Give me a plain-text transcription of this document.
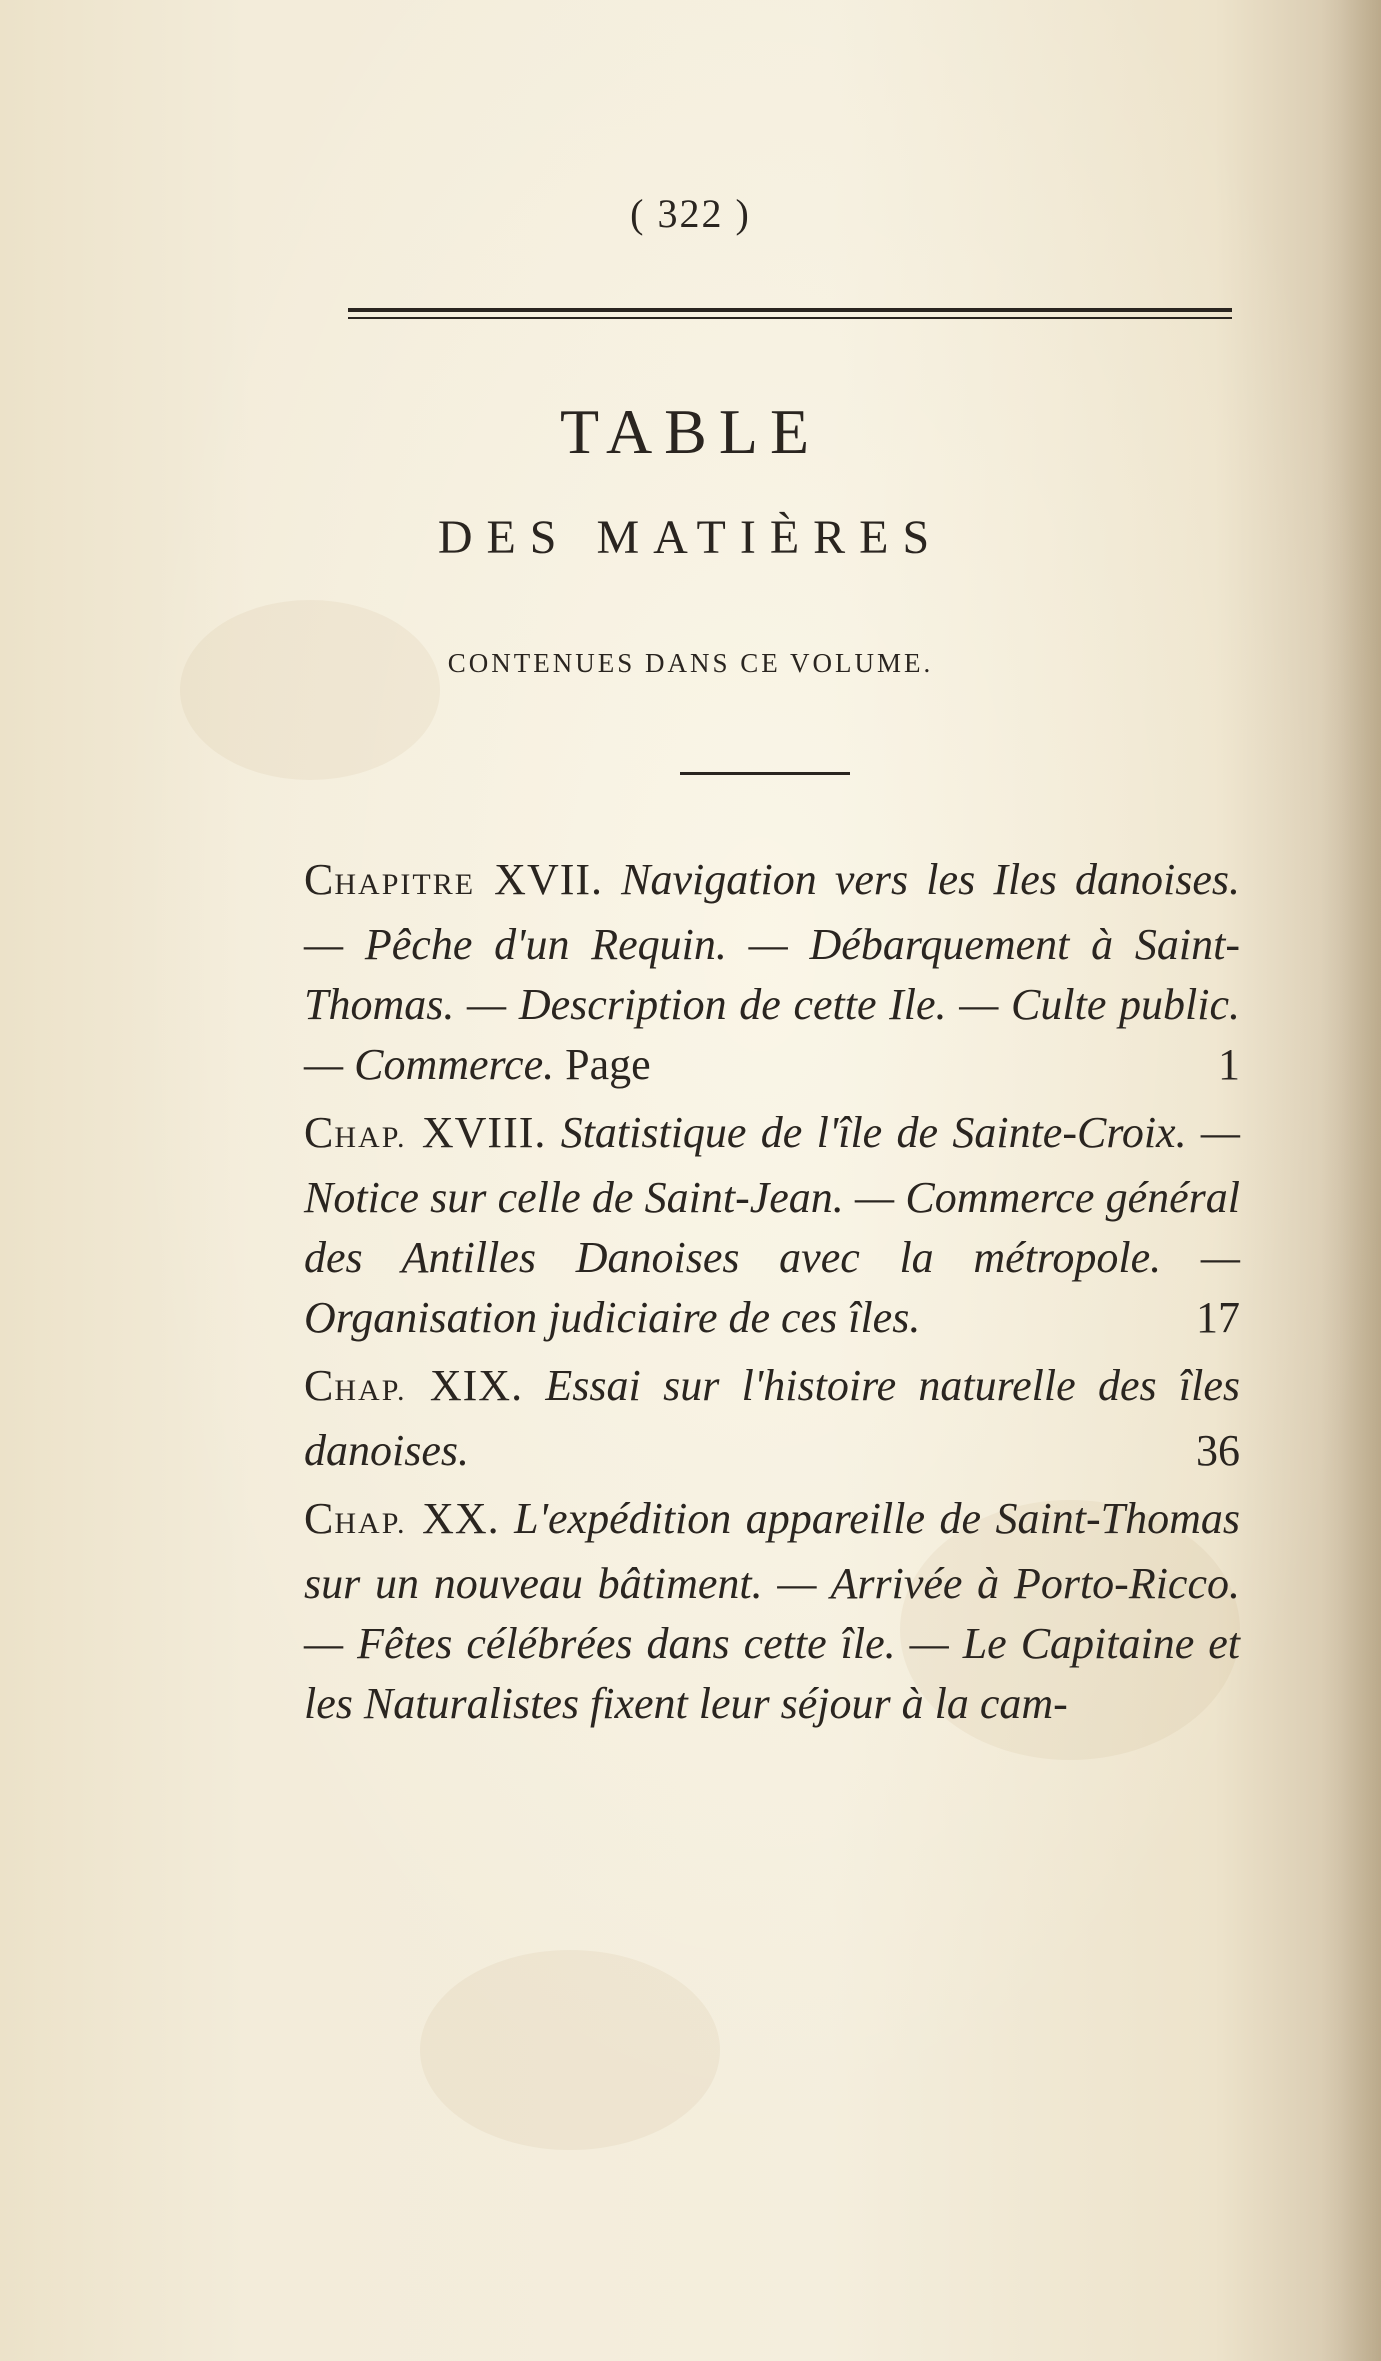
( 322 )
TABLE
DES MATIÈRES
CONTENUES DANS CE VOLUME.
CHAPITRE XVII. Navigation vers les Iles danoises. — Pêche d'un Requin. — Débarquement à Saint-Thomas. — Description de cette Ile. — Culte public. — Commerce. Page	1
CHAP. XVIII. Statistique de l'île de Sainte-Croix. — Notice sur celle de Saint-Jean. — Commerce général des Antilles Danoises avec la métropole. — Organisation judiciaire de ces îles.	17
CHAP. XIX. Essai sur l'histoire naturelle des îles danoises.	36
CHAP. XX. L'expédition appareille de Saint-Thomas sur un nouveau bâtiment. — Arrivée à Porto-Ricco. — Fêtes célébrées dans cette île. — Le Capitaine et les Naturalistes fixent leur séjour à la cam-
